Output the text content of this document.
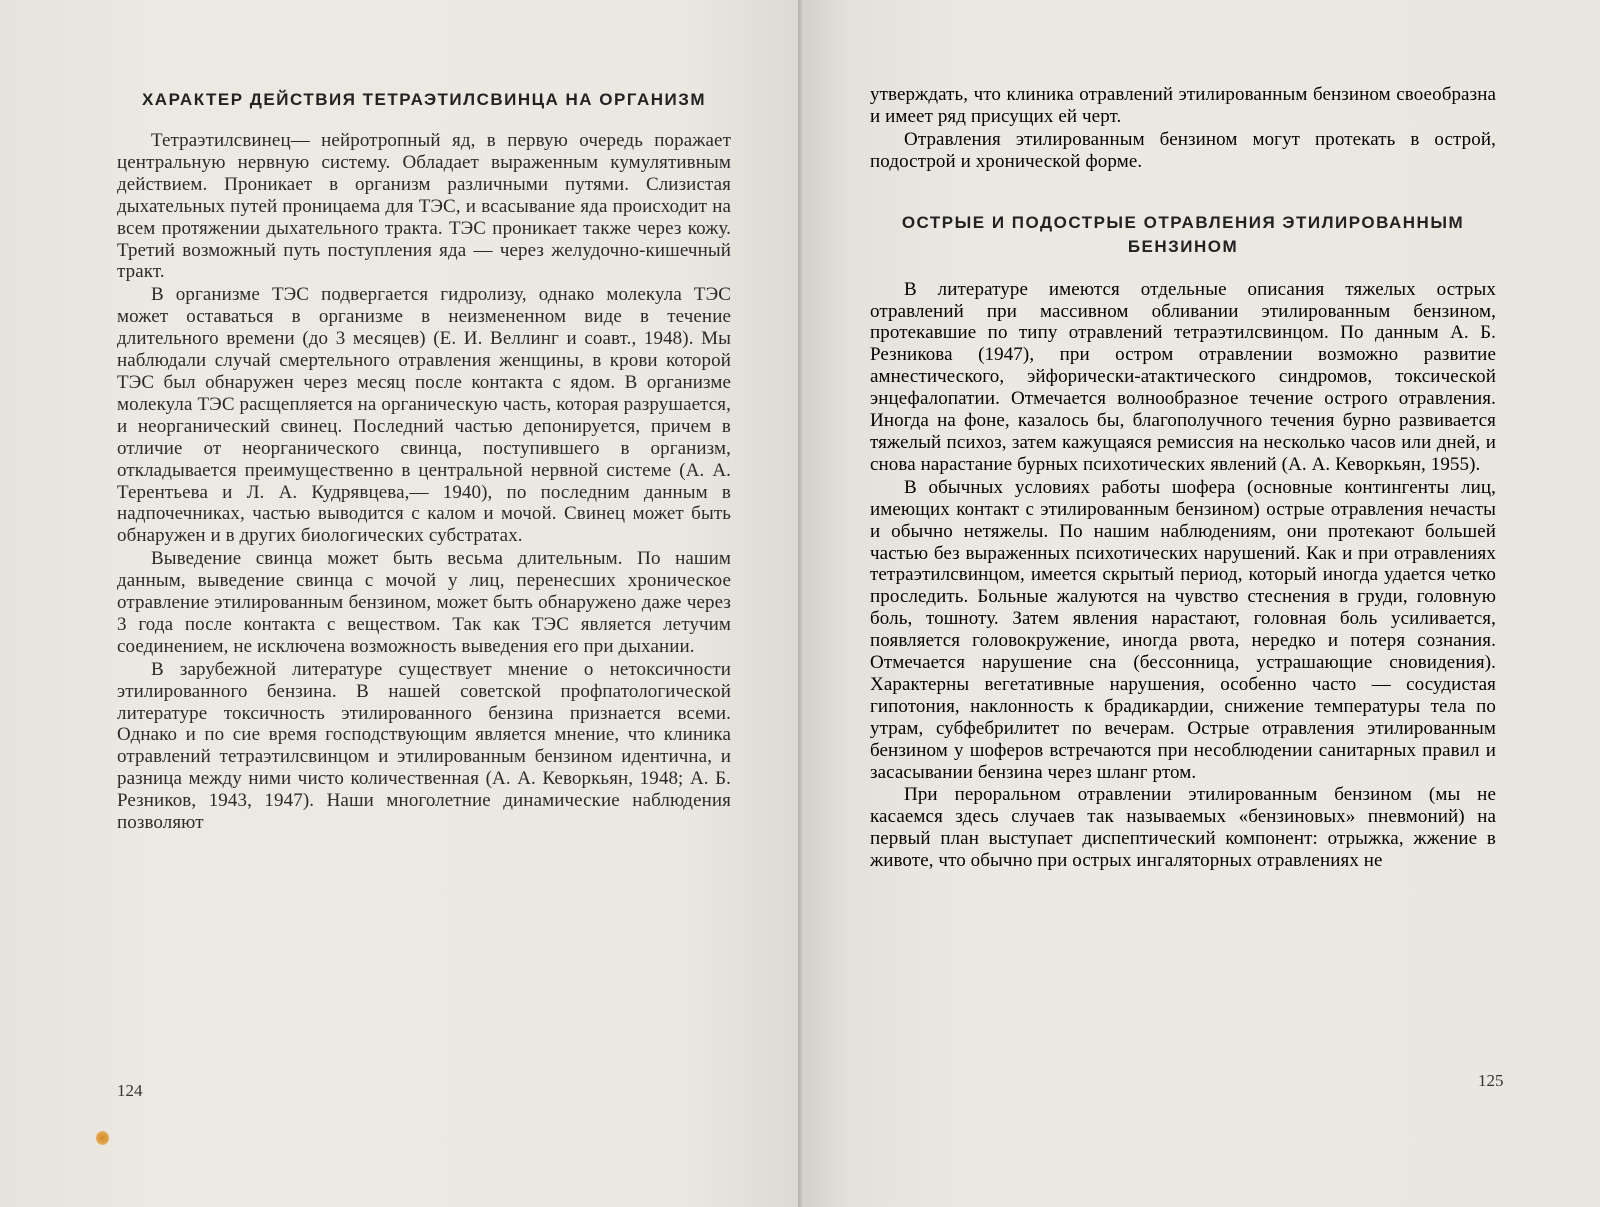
ХАРАКТЕР ДЕЙСТВИЯ ТЕТРАЭТИЛСВИНЦА НА ОРГАНИЗМ

Тетраэтилсвинец— нейротропный яд, в первую очередь поражает центральную нервную систему. Обладает выраженным кумулятивным действием. Проникает в организм различными путями. Слизистая дыхательных путей проницаема для ТЭС, и всасывание яда происходит на всем протяжении дыхательного тракта. ТЭС проникает также через кожу. Третий возможный путь поступления яда — через желудочно-кишечный тракт.

В организме ТЭС подвергается гидролизу, однако молекула ТЭС может оставаться в организме в неизмененном виде в течение длительного времени (до 3 месяцев) (Е. И. Веллинг и соавт., 1948). Мы наблюдали случай смертельного отравления женщины, в крови которой ТЭС был обнаружен через месяц после контакта с ядом. В организме молекула ТЭС расщепляется на органическую часть, которая разрушается, и неорганический свинец. Последний частью депонируется, причем в отличие от неорганического свинца, поступившего в организм, откладывается преимущественно в центральной нервной системе (А. А. Терентьева и Л. А. Кудрявцева,— 1940), по последним данным в надпочечниках, частью выводится с калом и мочой. Свинец может быть обнаружен и в других биологических субстратах.

Выведение свинца может быть весьма длительным. По нашим данным, выведение свинца с мочой у лиц, перенесших хроническое отравление этилированным бензином, может быть обнаружено даже через 3 года после контакта с веществом. Так как ТЭС является летучим соединением, не исключена возможность выведения его при дыхании.

В зарубежной литературе существует мнение о нетоксичности этилированного бензина. В нашей советской профпатологической литературе токсичность этилированного бензина признается всеми. Однако и по сие время господствующим является мнение, что клиника отравлений тетраэтилсвинцом и этилированным бензином идентична, и разница между ними чисто количественная (А. А. Кеворкьян, 1948; А. Б. Резников, 1943, 1947). Наши многолетние динамические наблюдения позволяют

124

утверждать, что клиника отравлений этилированным бензином своеобразна и имеет ряд присущих ей черт.

Отравления этилированным бензином могут протекать в острой, подострой и хронической форме.

ОСТРЫЕ И ПОДОСТРЫЕ ОТРАВЛЕНИЯ ЭТИЛИРОВАННЫМ БЕНЗИНОМ

В литературе имеются отдельные описания тяжелых острых отравлений при массивном обливании этилированным бензином, протекавшие по типу отравлений тетраэтилсвинцом. По данным А. Б. Резникова (1947), при остром отравлении возможно развитие амнестического, эйфорически-атактического синдромов, токсической энцефалопатии. Отмечается волнообразное течение острого отравления. Иногда на фоне, казалось бы, благополучного течения бурно развивается тяжелый психоз, затем кажущаяся ремиссия на несколько часов или дней, и снова нарастание бурных психотических явлений (А. А. Кеворкьян, 1955).

В обычных условиях работы шофера (основные контингенты лиц, имеющих контакт с этилированным бензином) острые отравления нечасты и обычно нетяжелы. По нашим наблюдениям, они протекают большей частью без выраженных психотических нарушений. Как и при отравлениях тетраэтилсвинцом, имеется скрытый период, который иногда удается четко проследить. Больные жалуются на чувство стеснения в груди, головную боль, тошноту. Затем явления нарастают, головная боль усиливается, появляется головокружение, иногда рвота, нередко и потеря сознания. Отмечается нарушение сна (бессонница, устрашающие сновидения). Характерны вегетативные нарушения, особенно часто — сосудистая гипотония, наклонность к брадикардии, снижение температуры тела по утрам, субфебрилитет по вечерам. Острые отравления этилированным бензином у шоферов встречаются при несоблюдении санитарных правил и засасывании бензина через шланг ртом.

При пероральном отравлении этилированным бензином (мы не касаемся здесь случаев так называемых «бензиновых» пневмоний) на первый план выступает диспептический компонент: отрыжка, жжение в животе, что обычно при острых ингаляторных отравлениях не

125
